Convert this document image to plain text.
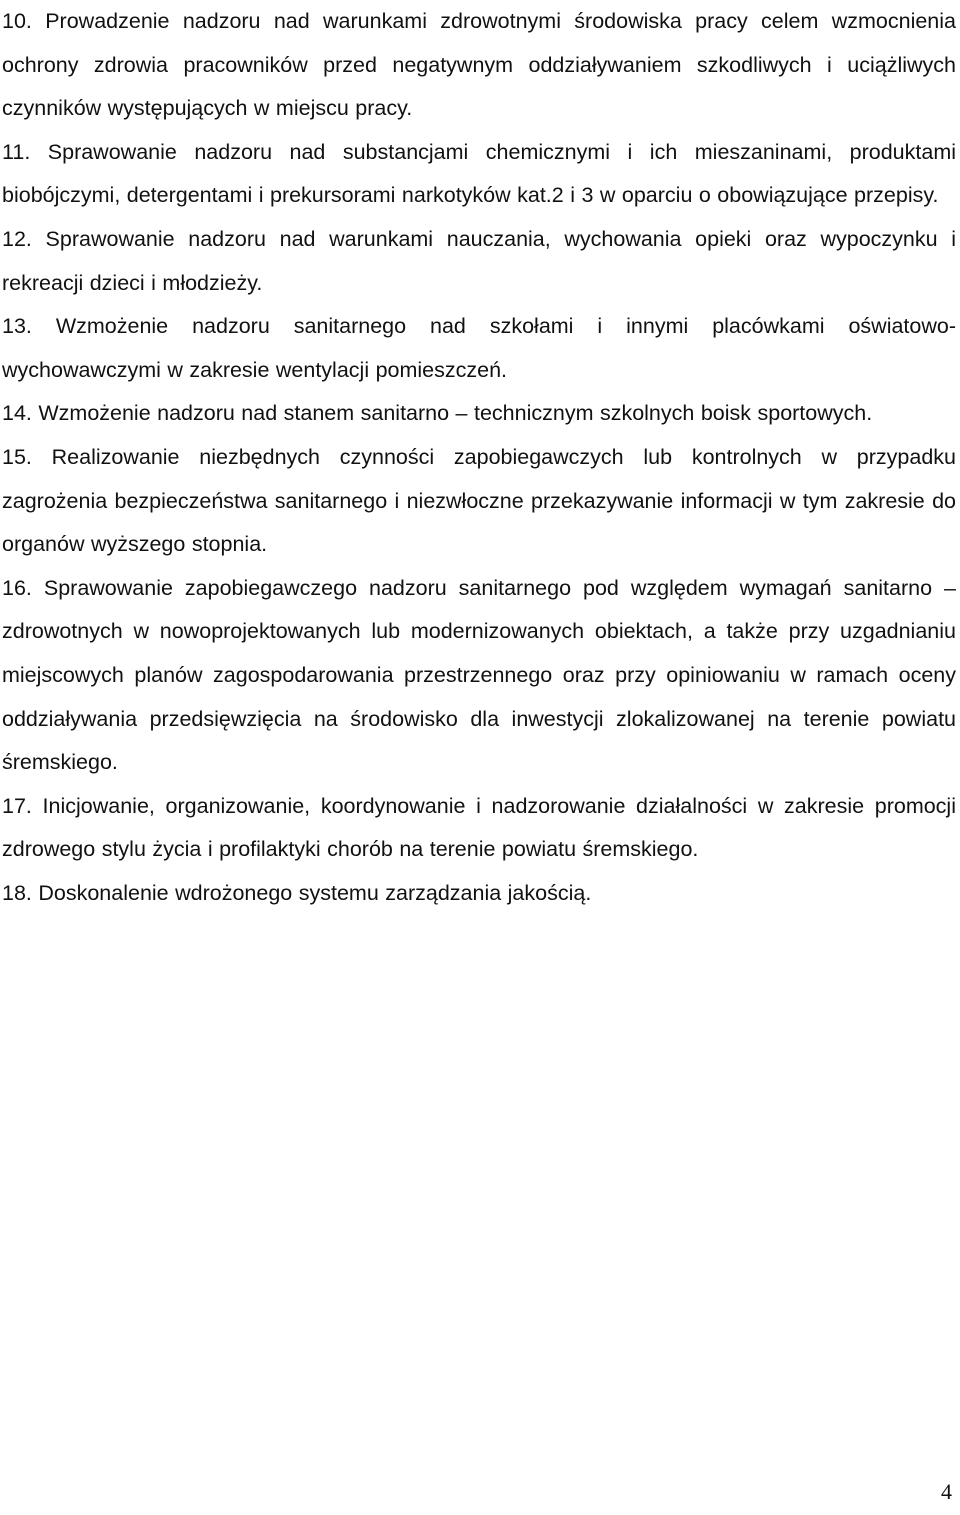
10. Prowadzenie nadzoru nad warunkami zdrowotnymi środowiska pracy celem wzmocnienia ochrony zdrowia pracowników przed negatywnym oddziaływaniem szkodliwych i uciążliwych czynników występujących w miejscu pracy.

11. Sprawowanie nadzoru nad substancjami chemicznymi i ich mieszaninami, produktami biobójczymi, detergentami i prekursorami narkotyków kat.2 i 3 w oparciu o obowiązujące przepisy.

12. Sprawowanie nadzoru nad warunkami nauczania, wychowania opieki oraz wypoczynku i rekreacji dzieci i młodzieży.

13. Wzmożenie nadzoru sanitarnego nad szkołami i innymi placówkami oświatowo-wychowawczymi w zakresie wentylacji pomieszczeń.

14. Wzmożenie nadzoru nad stanem sanitarno – technicznym szkolnych boisk sportowych.

15. Realizowanie niezbędnych czynności zapobiegawczych lub kontrolnych w przypadku zagrożenia bezpieczeństwa sanitarnego i niezwłoczne przekazywanie informacji w tym zakresie do organów wyższego stopnia.

16. Sprawowanie zapobiegawczego nadzoru sanitarnego pod względem wymagań sanitarno – zdrowotnych w nowoprojektowanych lub modernizowanych obiektach, a także przy uzgadnianiu miejscowych planów zagospodarowania przestrzennego oraz przy opiniowaniu w ramach oceny oddziaływania przedsięwzięcia na środowisko dla inwestycji zlokalizowanej na terenie powiatu śremskiego.

17. Inicjowanie, organizowanie, koordynowanie i nadzorowanie działalności w zakresie promocji zdrowego stylu życia i profilaktyki chorób na terenie powiatu śremskiego.

18. Doskonalenie wdrożonego systemu zarządzania jakością.

4
